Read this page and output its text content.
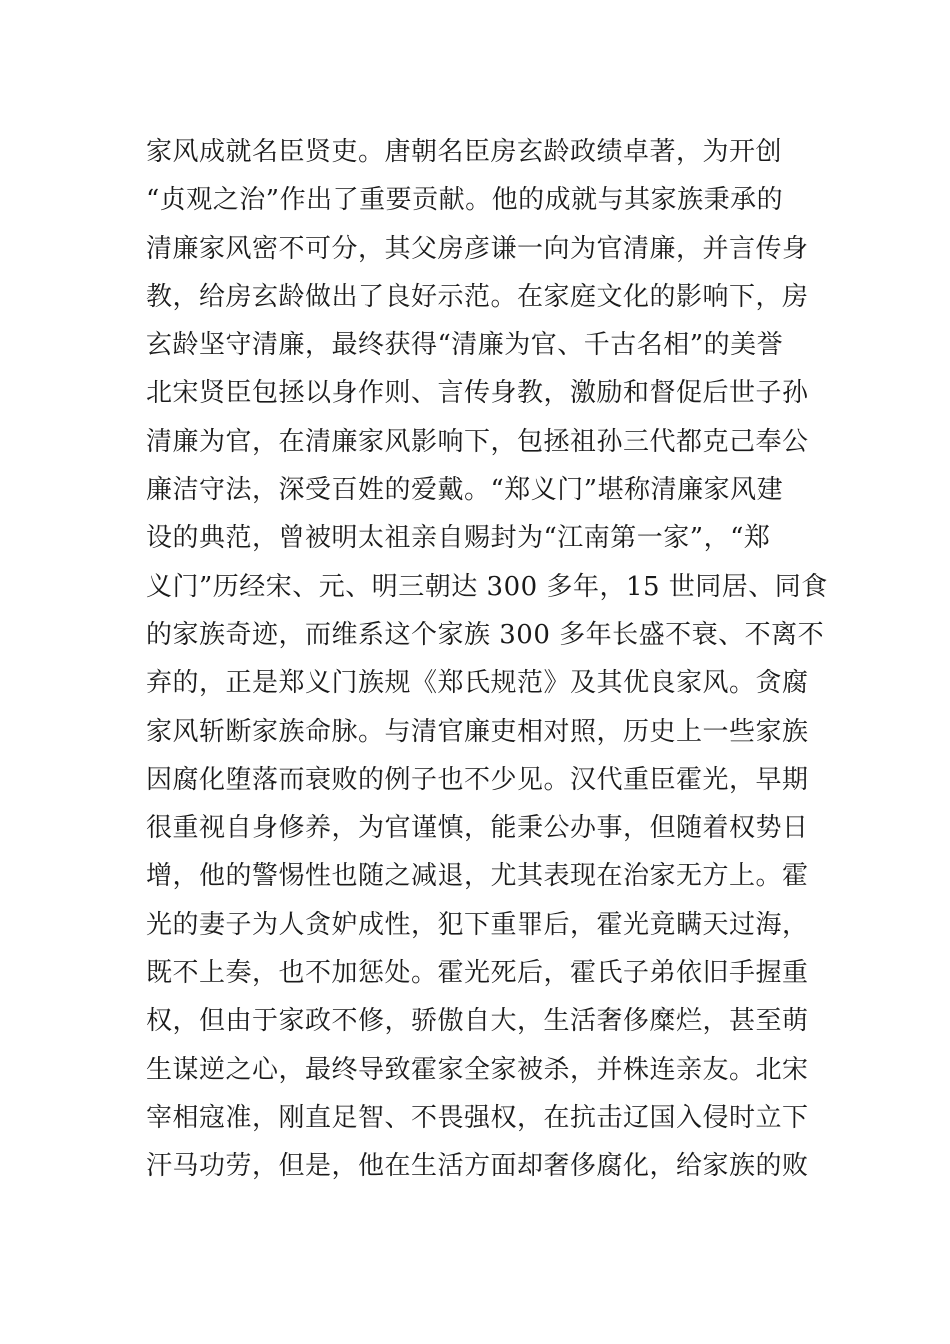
家风成就名臣贤吏。唐朝名臣房玄龄政绩卓著，为开创
“贞观之治”作出了重要贡献。他的成就与其家族秉承的
清廉家风密不可分，其父房彦谦一向为官清廉，并言传身
教，给房玄龄做出了良好示范。在家庭文化的影响下，房
玄龄坚守清廉，最终获得“清廉为官、千古名相”的美誉
北宋贤臣包拯以身作则、言传身教，激励和督促后世子孙
清廉为官，在清廉家风影响下，包拯祖孙三代都克己奉公
廉洁守法，深受百姓的爱戴。“郑义门”堪称清廉家风建
设的典范，曾被明太祖亲自赐封为“江南第一家”，“郑
义门”历经宋、元、明三朝达 300 多年，15 世同居、同食
的家族奇迹，而维系这个家族 300 多年长盛不衰、不离不
弃的，正是郑义门族规《郑氏规范》及其优良家风。贪腐
家风斩断家族命脉。与清官廉吏相对照，历史上一些家族
因腐化堕落而衰败的例子也不少见。汉代重臣霍光，早期
很重视自身修养，为官谨慎，能秉公办事，但随着权势日
增，他的警惕性也随之减退，尤其表现在治家无方上。霍
光的妻子为人贪妒成性，犯下重罪后，霍光竟瞒天过海，
既不上奏，也不加惩处。霍光死后，霍氏子弟依旧手握重
权，但由于家政不修，骄傲自大，生活奢侈糜烂，甚至萌
生谋逆之心，最终导致霍家全家被杀，并株连亲友。北宋
宰相寇准，刚直足智、不畏强权，在抗击辽国入侵时立下
汗马功劳，但是，他在生活方面却奢侈腐化，给家族的败
